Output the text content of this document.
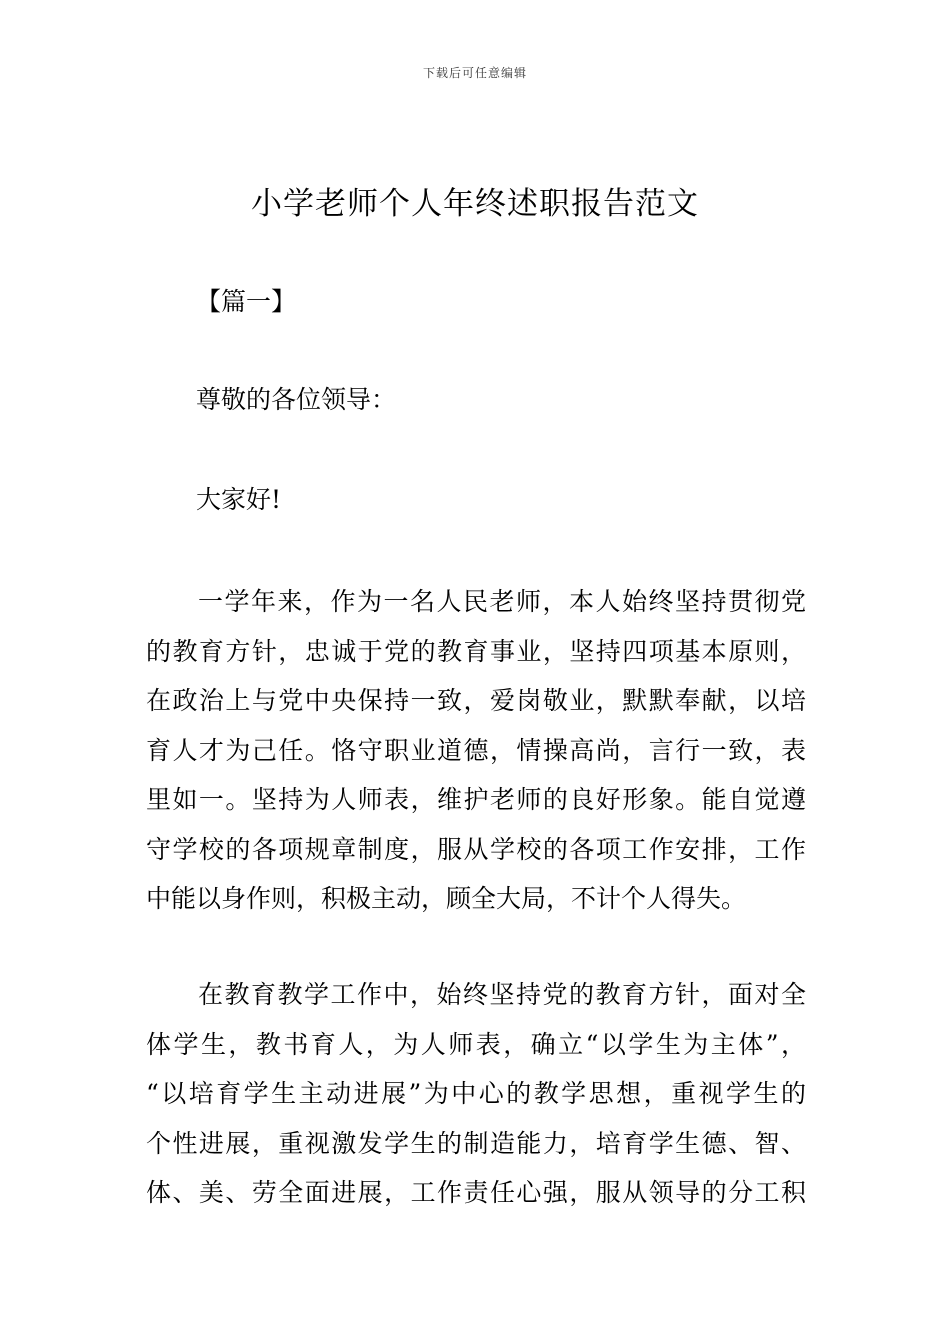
下载后可任意编辑
小学老师个人年终述职报告范文
【篇一】
尊敬的各位领导：
大家好!
一学年来，作为一名人民老师，本人始终坚持贯彻党
的教育方针，忠诚于党的教育事业，坚持四项基本原则，
在政治上与党中央保持一致，爱岗敬业，默默奉献，以培
育人才为己任。恪守职业道德，情操高尚，言行一致，表
里如一。坚持为人师表，维护老师的良好形象。能自觉遵
守学校的各项规章制度，服从学校的各项工作安排，工作
中能以身作则，积极主动，顾全大局，不计个人得失。
在教育教学工作中，始终坚持党的教育方针，面对全
体学生，教书育人，为人师表，确立“以学生为主体”，
“以培育学生主动进展”为中心的教学思想，重视学生的
个性进展，重视激发学生的制造能力，培育学生德、智、
体、美、劳全面进展，工作责任心强，服从领导的分工积
